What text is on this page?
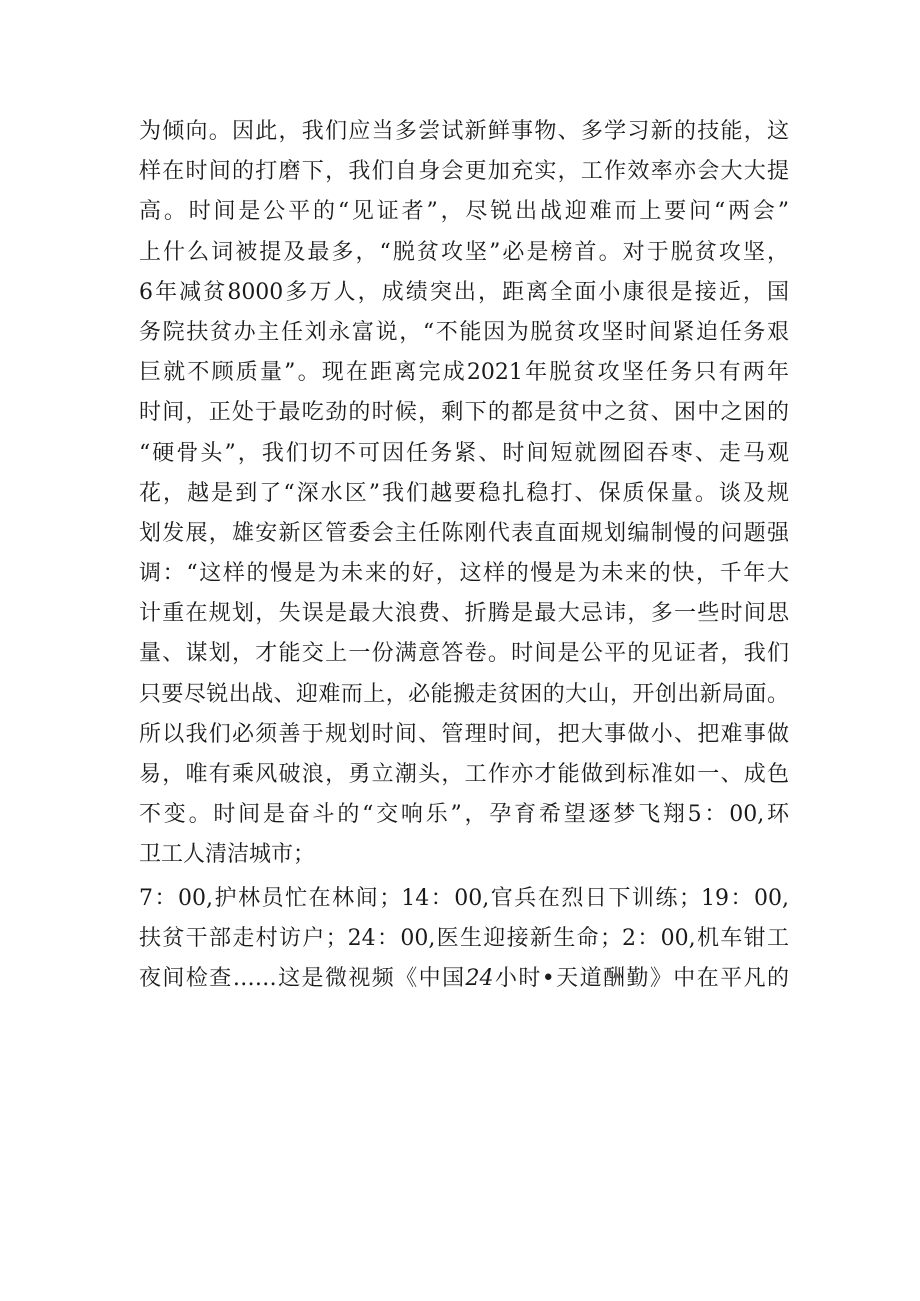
为倾向。因此，我们应当多尝试新鲜事物、多学习新的技能，这
样在时间的打磨下，我们自身会更加充实，工作效率亦会大大提
高。时间是公平的“见证者”，尽锐出战迎难而上要问“两会”
上什么词被提及最多，“脱贫攻坚”必是榜首。对于脱贫攻坚，
6年减贫8000多万人，成绩突出，距离全面小康很是接近，国
务院扶贫办主任刘永富说，“不能因为脱贫攻坚时间紧迫任务艰
巨就不顾质量”。现在距离完成2021年脱贫攻坚任务只有两年
时间，正处于最吃劲的时候，剩下的都是贫中之贫、困中之困的
“硬骨头”，我们切不可因任务紧、时间短就囫囵吞枣、走马观
花，越是到了“深水区”我们越要稳扎稳打、保质保量。谈及规
划发展，雄安新区管委会主任陈刚代表直面规划编制慢的问题强
调：“这样的慢是为未来的好，这样的慢是为未来的快，千年大
计重在规划，失误是最大浪费、折腾是最大忌讳，多一些时间思
量、谋划，才能交上一份满意答卷。时间是公平的见证者，我们
只要尽锐出战、迎难而上，必能搬走贫困的大山，开创出新局面。
所以我们必须善于规划时间、管理时间，把大事做小、把难事做
易，唯有乘风破浪，勇立潮头，工作亦才能做到标准如一、成色
不变。时间是奋斗的“交响乐”，孕育希望逐梦飞翔5：00,环
卫工人清洁城市；
7：00,护林员忙在林间；14：00,官兵在烈日下训练；19：00,
扶贫干部走村访户；24：00,医生迎接新生命；2：00,机车钳工
夜间检查……这是微视频《中国24小时•天道酬勤》中在平凡的
